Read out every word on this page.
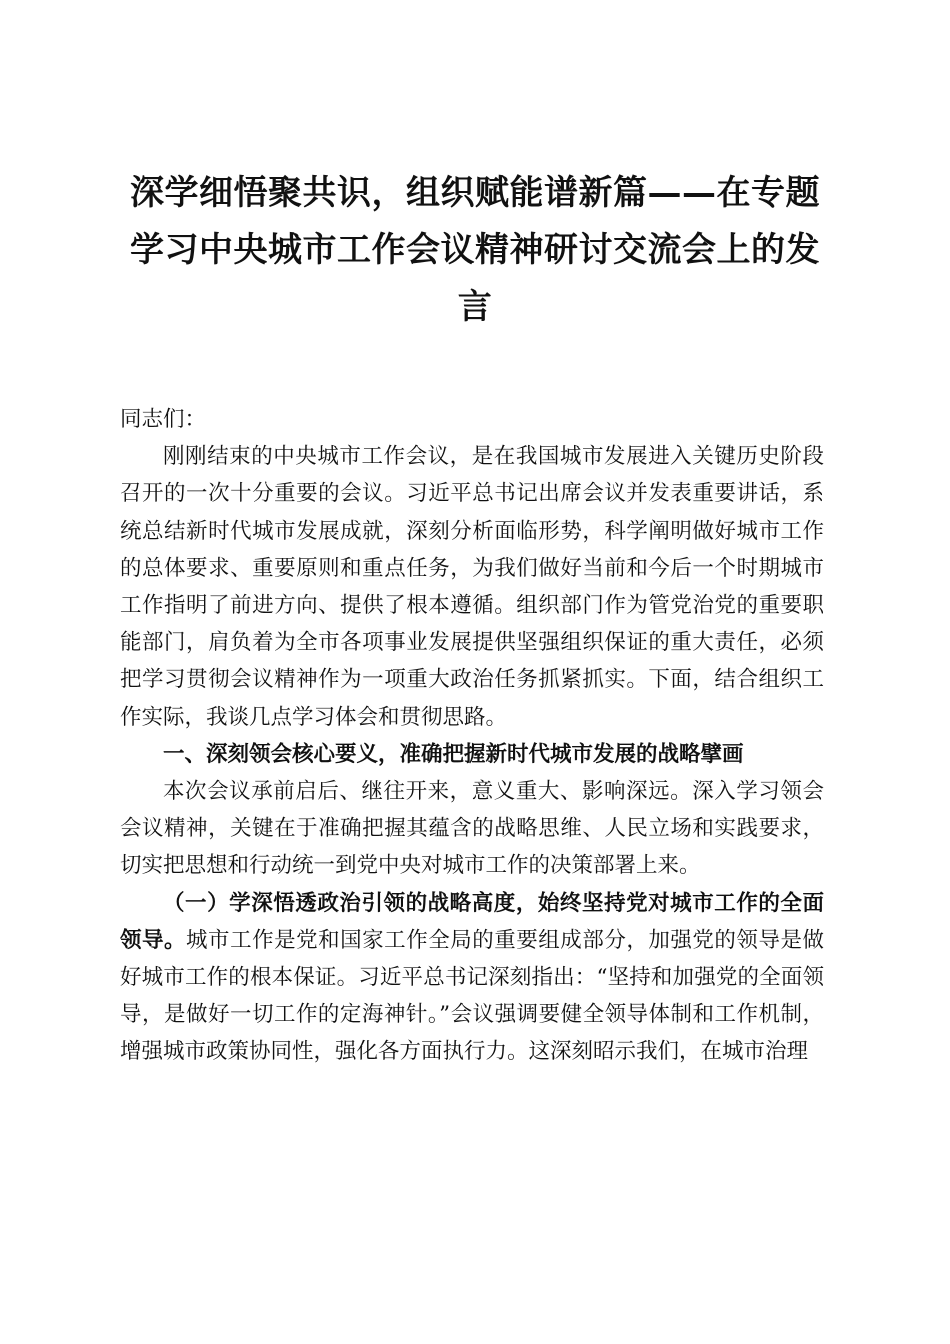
深学细悟聚共识，组织赋能谱新篇——在专题学习中央城市工作会议精神研讨交流会上的发言

同志们：

刚刚结束的中央城市工作会议，是在我国城市发展进入关键历史阶段召开的一次十分重要的会议。习近平总书记出席会议并发表重要讲话，系统总结新时代城市发展成就，深刻分析面临形势，科学阐明做好城市工作的总体要求、重要原则和重点任务，为我们做好当前和今后一个时期城市工作指明了前进方向、提供了根本遵循。组织部门作为管党治党的重要职能部门，肩负着为全市各项事业发展提供坚强组织保证的重大责任，必须把学习贯彻会议精神作为一项重大政治任务抓紧抓实。下面，结合组织工作实际，我谈几点学习体会和贯彻思路。

一、深刻领会核心要义，准确把握新时代城市发展的战略擘画

本次会议承前启后、继往开来，意义重大、影响深远。深入学习领会会议精神，关键在于准确把握其蕴含的战略思维、人民立场和实践要求，切实把思想和行动统一到党中央对城市工作的决策部署上来。

（一）学深悟透政治引领的战略高度，始终坚持党对城市工作的全面领导。城市工作是党和国家工作全局的重要组成部分，加强党的领导是做好城市工作的根本保证。习近平总书记深刻指出：“坚持和加强党的全面领导，是做好一切工作的定海神针。”会议强调要健全领导体制和工作机制，增强城市政策协同性，强化各方面执行力。这深刻昭示我们，在城市治理
